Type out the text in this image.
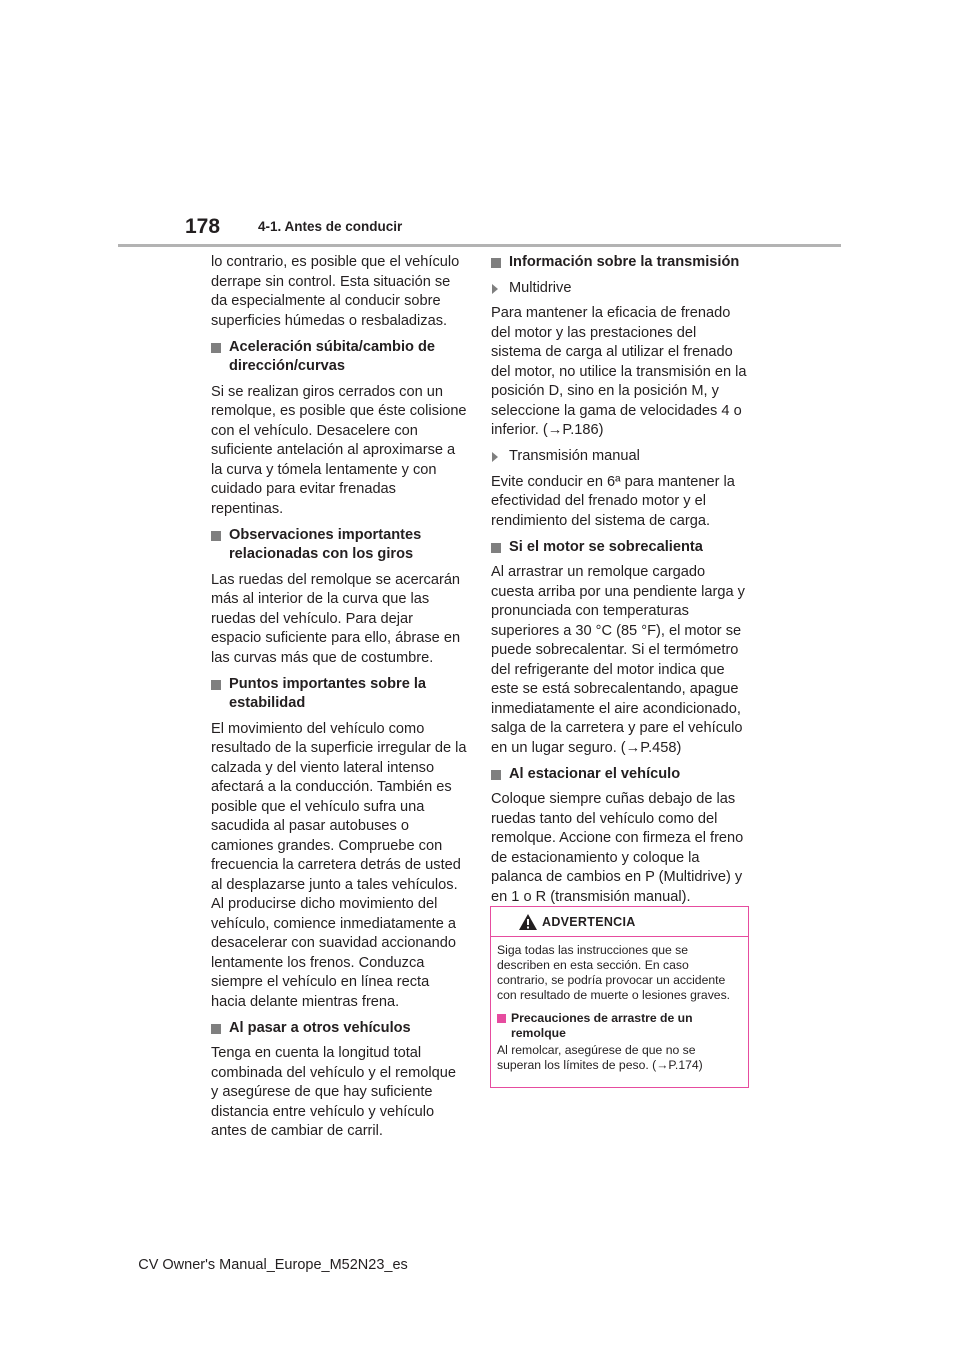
178	4-1. Antes de conducir

lo contrario, es posible que el vehículo derrape sin control. Esta situación se da especialmente al conducir sobre superficies húmedas o resbaladizas.

Aceleración súbita/cambio de dirección/curvas

Si se realizan giros cerrados con un remolque, es posible que éste colisione con el vehículo. Desacelere con suficiente antelación al aproximarse a la curva y tómela lentamente y con cuidado para evitar frenadas repentinas.

Observaciones importantes relacionadas con los giros

Las ruedas del remolque se acercarán más al interior de la curva que las ruedas del vehículo. Para dejar espacio suficiente para ello, ábrase en las curvas más que de costumbre.

Puntos importantes sobre la estabilidad

El movimiento del vehículo como resultado de la superficie irregular de la calzada y del viento lateral intenso afectará a la conducción. También es posible que el vehículo sufra una sacudida al pasar autobuses o camiones grandes. Compruebe con frecuencia la carretera detrás de usted al desplazarse junto a tales vehículos. Al producirse dicho movimiento del vehículo, comience inmediatamente a desacelerar con suavidad accionando lentamente los frenos. Conduzca siempre el vehículo en línea recta hacia delante mientras frena.

Al pasar a otros vehículos

Tenga en cuenta la longitud total combinada del vehículo y el remolque y asegúrese de que hay suficiente distancia entre vehículo y vehículo antes de cambiar de carril.

Información sobre la transmisión
Multidrive

Para mantener la eficacia de frenado del motor y las prestaciones del sistema de carga al utilizar el frenado del motor, no utilice la transmisión en la posición D, sino en la posición M, y seleccione la gama de velocidades 4 o inferior. (→P.186)

Transmisión manual

Evite conducir en 6ª para mantener la efectividad del frenado motor y el rendimiento del sistema de carga.

Si el motor se sobrecalienta

Al arrastrar un remolque cargado cuesta arriba por una pendiente larga y pronunciada con temperaturas superiores a 30 °C (85 °F), el motor se puede sobrecalentar. Si el termómetro del refrigerante del motor indica que este se está sobrecalentando, apague inmediatamente el aire acondicionado, salga de la carretera y pare el vehículo en un lugar seguro. (→P.458)

Al estacionar el vehículo

Coloque siempre cuñas debajo de las ruedas tanto del vehículo como del remolque. Accione con firmeza el freno de estacionamiento y coloque la palanca de cambios en P (Multidrive) y en 1 o R (transmisión manual).

ADVERTENCIA

Siga todas las instrucciones que se describen en esta sección. En caso contrario, se podría provocar un accidente con resultado de muerte o lesiones graves.

Precauciones de arrastre de un remolque

Al remolcar, asegúrese de que no se superan los límites de peso. (→P.174)

CV Owner's Manual_Europe_M52N23_es
